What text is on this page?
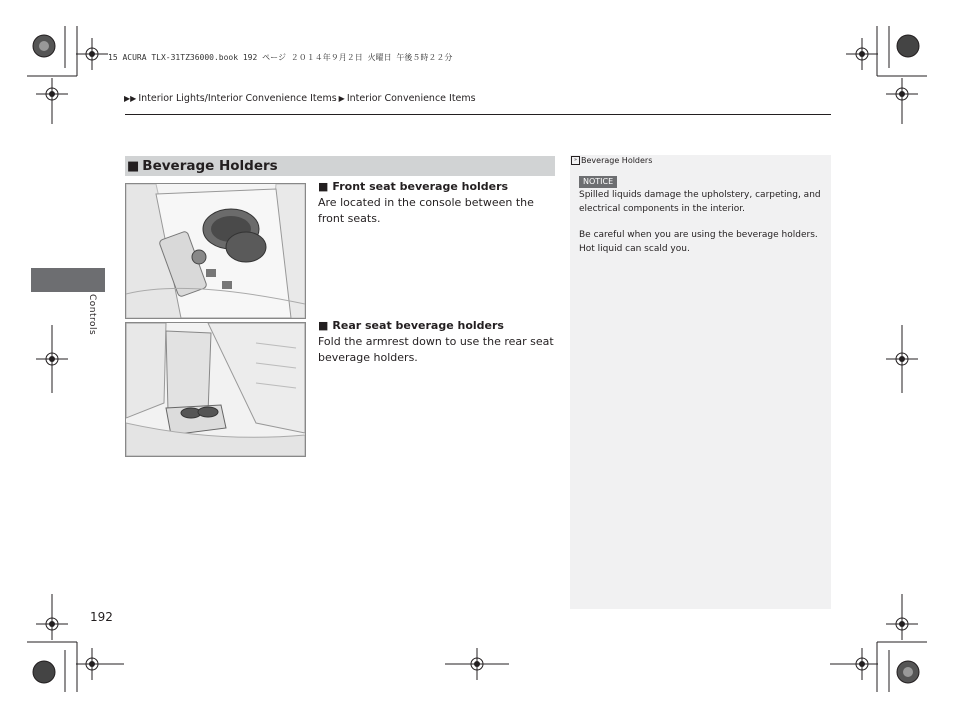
15 ACURA TLX-31TZ36000.book 192 ページ ２０１４年９月２日 火曜日 午後５時２２分
▶▶ Interior Lights/Interior Convenience Items ▶ Interior Convenience Items
Controls
■ Beverage Holders
■ Front seat beverage holders
Are located in the console between the front seats.
■ Rear seat beverage holders
Fold the armrest down to use the rear seat beverage holders.
» Beverage Holders
NOTICE
Spilled liquids damage the upholstery, carpeting, and electrical components in the interior.
Be careful when you are using the beverage holders. Hot liquid can scald you.
192
